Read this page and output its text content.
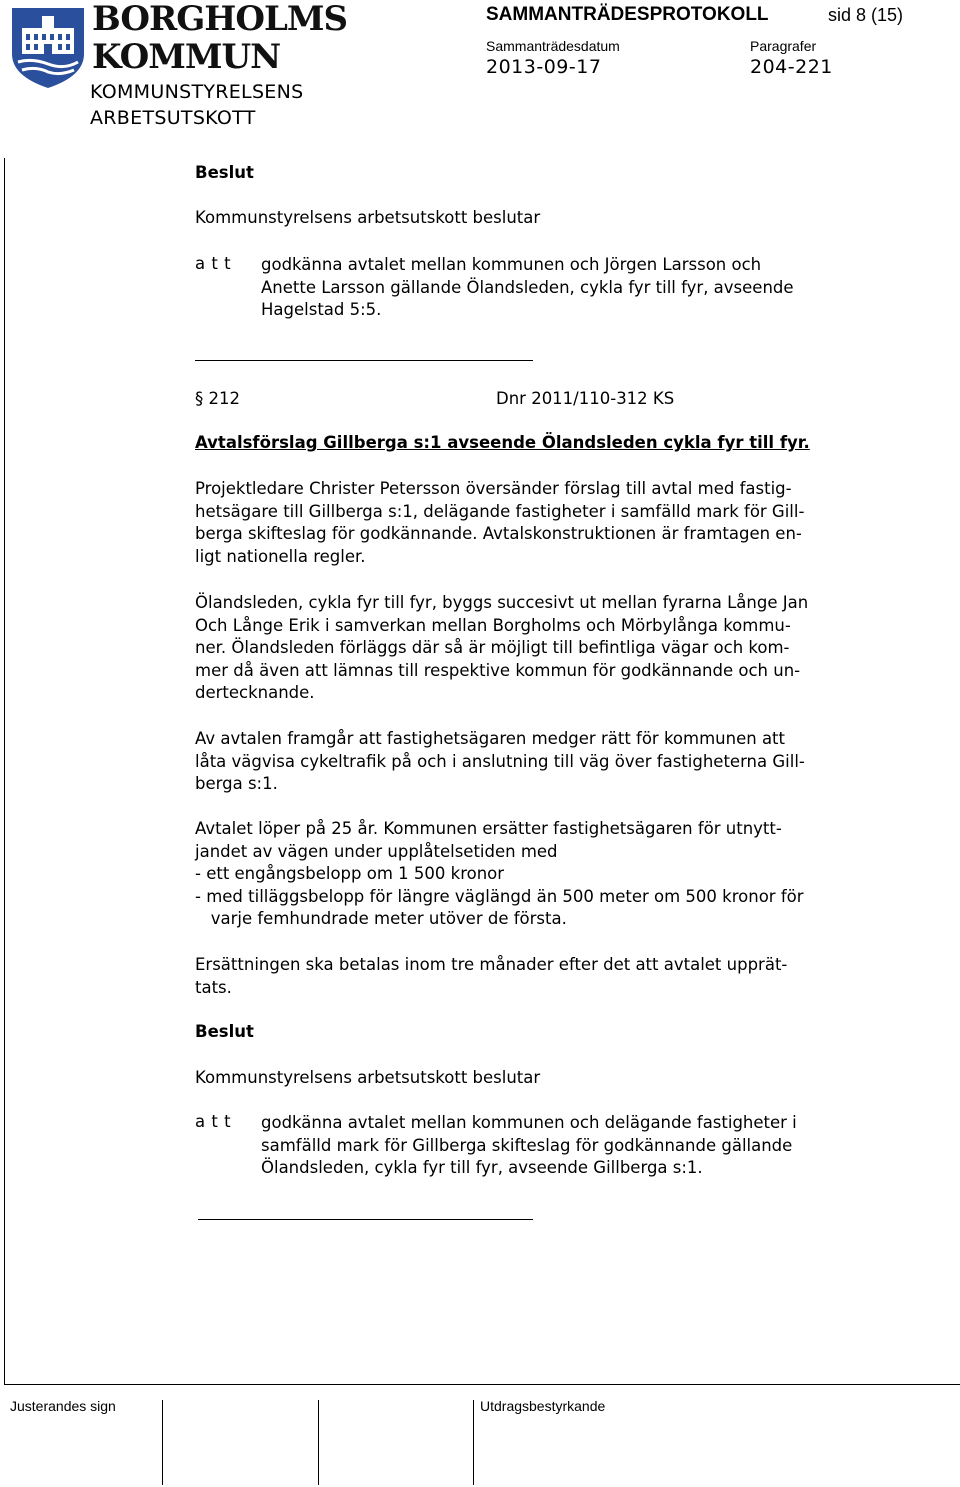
BORGHOLMS
KOMMUN
KOMMUNSTYRELSENS
ARBETSUTSKOTT
SAMMANTRÄDESPROTOKOLL	sid 8 (15)
Sammanträdesdatum	Paragrafer
2013-09-17	204-221
Beslut
Kommunstyrelsens arbetsutskott beslutar
a t t godkänna avtalet mellan kommunen och Jörgen Larsson och
Anette Larsson gällande Ölandsleden, cykla fyr till fyr, avseende
Hagelstad 5:5.
§ 212	Dnr 2011/110-312 KS
Avtalsförslag Gillberga s:1 avseende Ölandsleden cykla fyr till fyr.
Projektledare Christer Petersson översänder förslag till avtal med fastig-
hetsägare till Gillberga s:1, delägande fastigheter i samfälld mark för Gill-
berga skifteslag för godkännande. Avtalskonstruktionen är framtagen en-
ligt nationella regler.
Ölandsleden, cykla fyr till fyr, byggs succesivt ut mellan fyrarna Långe Jan
Och Långe Erik i samverkan mellan Borgholms och Mörbylånga kommu-
ner. Ölandsleden förläggs där så är möjligt till befintliga vägar och kom-
mer då även att lämnas till respektive kommun för godkännande och un-
dertecknande.
Av avtalen framgår att fastighetsägaren medger rätt för kommunen att
låta vägvisa cykeltrafik på och i anslutning till väg över fastigheterna Gill-
berga s:1.
Avtalet löper på 25 år. Kommunen ersätter fastighetsägaren för utnytt-
jandet av vägen under upplåtelsetiden med
- ett engångsbelopp om 1 500 kronor
- med tilläggsbelopp för längre väglängd än 500 meter om 500 kronor för
varje femhundrade meter utöver de första.
Ersättningen ska betalas inom tre månader efter det att avtalet upprät-
tats.
Beslut
Kommunstyrelsens arbetsutskott beslutar
a t t godkänna avtalet mellan kommunen och delägande fastigheter i
samfälld mark för Gillberga skifteslag för godkännande gällande
Ölandsleden, cykla fyr till fyr, avseende Gillberga s:1.
Justerandes sign	Utdragsbestyrkande
